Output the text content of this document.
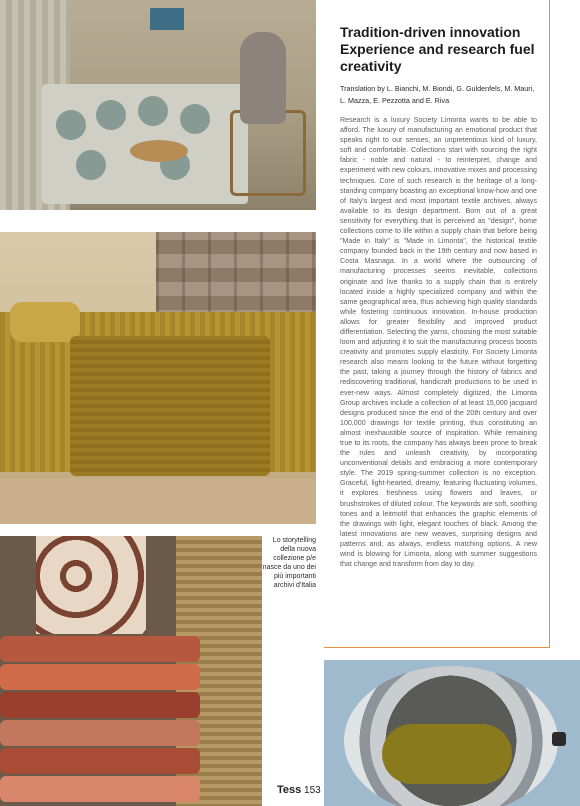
Tradition-driven innovation Experience and research fuel creativity

Translation by L. Bianchi, M. Biondi, G. Guldenfels, M. Mauri, L. Mazza, E. Pezzotta and E. Riva

Research is a luxury Society Limonta wants to be able to afford. The luxury of manufacturing an emotional product that speaks right to our senses, an unpretentious kind of luxury, soft and comfortable. Collections start with sourcing the right fabric - noble and natural - to reinterpret, change and experiment with new colours, innovative mixes and processing techniques. Core of such research is the heritage of a long-standing company boasting an exceptional know-how and one of Italy's largest and most important textile archives, always available to its design department. Born out of a great sensitivity for everything that is perceived as "design", home collections come to life within a supply chain that before being "Made in Italy" is "Made in Limonta", the historical textile company founded back in the 19th century and now based in Costa Masnaga. In a world where the outsourcing of manufacturing processes seems inevitable, collections originate and live thanks to a supply chain that is entirely located inside a highly specialized company and within the same geographical area, thus achieving high quality standards while fostering continuous innovation. In-house production allows for greater flexibility and improved product differentiation. Selecting the yarns, choosing the most suitable loom and adjusting it to suit the manufacturing process boosts creativity and promotes supply elasticity. For Society Limonta research also means looking to the future without forgetting the past, taking a journey through the history of fabrics and rediscovering traditional, handicraft productions to be used in ever-new ways. Almost completely digitized, the Limonta Group archives include a collection of at least 15,000 jacquard designs produced since the end of the 20th century and over 100,000 drawings for textile printing, thus constituting an almost inexhaustible source of inspiration. While remaining true to its roots, the company has always been prone to break the rules and unleash creativity, by incorporating unconventional details and embracing a more contemporary style. The 2019 spring-summer collection is no exception. Graceful, light-hearted, dreamy, featuring fluctuating volumes, it explores freshness using flowers and leaves, or brushstrokes of diluted colour. The keywords are soft, soothing tones and a leitmotif that enhances the graphic elements of the drawings with light, elegant touches of black. Among the latest innovations are new weaves, surprising designs and patterns and, as always, endless matching options. A new wind is blowing for Limonta, along with summer suggestions that change and transform from day to day.

Lo storytelling della nuova collezione p/e nasce da uno dei più importanti archivi d'Italia
Tess 153
